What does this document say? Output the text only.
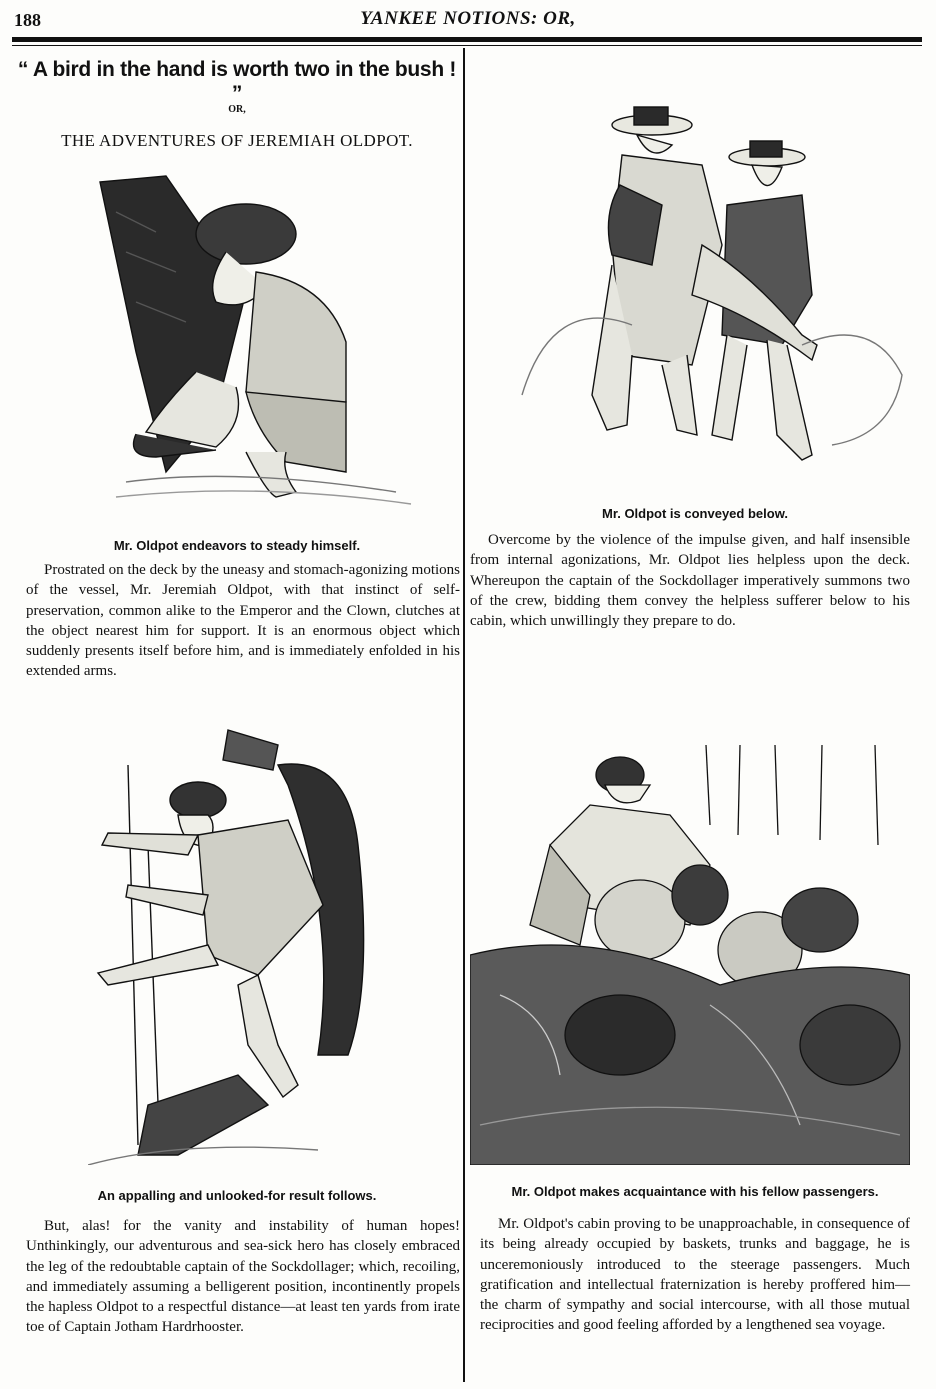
188	YANKEE NOTIONS: OR,
“ A bird in the hand is worth two in the bush ! ”
OR,
THE ADVENTURES OF JEREMIAH OLDPOT.
Mr. Oldpot endeavors to steady himself.

Prostrated on the deck by the uneasy and stomach-agonizing motions of the vessel, Mr. Jeremiah Oldpot, with that instinct of self-preservation, common alike to the Emperor and the Clown, clutches at the object nearest him for support. It is an enormous object which suddenly presents itself before him, and is immediately enfolded in his extended arms.

Mr. Oldpot is conveyed below.

Overcome by the violence of the impulse given, and half insensible from internal agonizations, Mr. Oldpot lies helpless upon the deck. Whereupon the captain of the Sockdollager imperatively summons two of the crew, bidding them convey the helpless sufferer below to his cabin, which unwillingly they prepare to do.

An appalling and unlooked-for result follows.

But, alas! for the vanity and instability of human hopes! Unthinkingly, our adventurous and sea-sick hero has closely embraced the leg of the redoubtable captain of the Sockdollager; which, recoiling, and immediately assuming a belligerent position, incontinently propels the hapless Oldpot to a respectful distance—at least ten yards from irate toe of Captain Jotham Hardrhooster.

Mr. Oldpot makes acquaintance with his fellow passengers.

Mr. Oldpot's cabin proving to be unapproachable, in consequence of its being already occupied by baskets, trunks and baggage, he is unceremoniously introduced to the steerage passengers. Much gratification and intellectual fraternization is hereby proffered him—the charm of sympathy and social intercourse, with all those mutual reciprocities and good feeling afforded by a lengthened sea voyage.
